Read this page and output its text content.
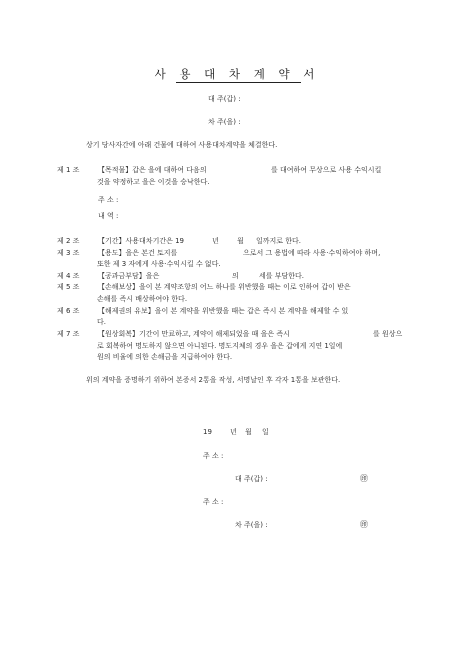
사 용 대 차 계 약 서
대 주(갑) :
차 주(을) :
상기 당사자간에 아래 건물에 대하여 사용대차계약을 체결한다.
제 1 조	【목적물】갑은 을에 대하여 다음의	를 대여하여 무상으로 사용 수익시킬
것을 약정하고 을은 이것을 승낙한다.
주 소 :
내 역 :
제 2 조	【기간】사용대차기간은 19	년	월 일까지로 한다.
제 3 조	【용도】을은 본건 토지를	으로서 그 용법에 따라 사용·수익하여야 하며,
또한 제 3 자에게 사용·수익시킬 수 없다.
제 4 조	【공과금부담】을은	의	세를 부담한다.
제 5 조	【손해보상】을이 본 계약조항의 어느 하나를 위반했을 때는 이로 인하여 갑이 받은
손해를 즉시 배상하여야 한다.
제 6 조	【해제권의 유보】을이 본 계약을 위반했을 때는 갑은 즉시 본 계약을 해제할 수 있
다.
제 7 조	【원상회복】기간이 만료하고, 계약이 해제되었을 때 을은 즉시	를 원상으
로 회복하여 명도하지 않으면 아니된다. 명도지체의 경우 을은 갑에게 지연 1일에
원의 비율에 의한 손해금을 지급하여야 한다.
위의 계약을 증명하기 위하여 본증서 2통을 작성, 서명날인 후 각자 1통을 보관한다.
19	년 월 일
주 소 :
대 주(갑) :	㊞
주 소 :
차 주(을) :	㊞
